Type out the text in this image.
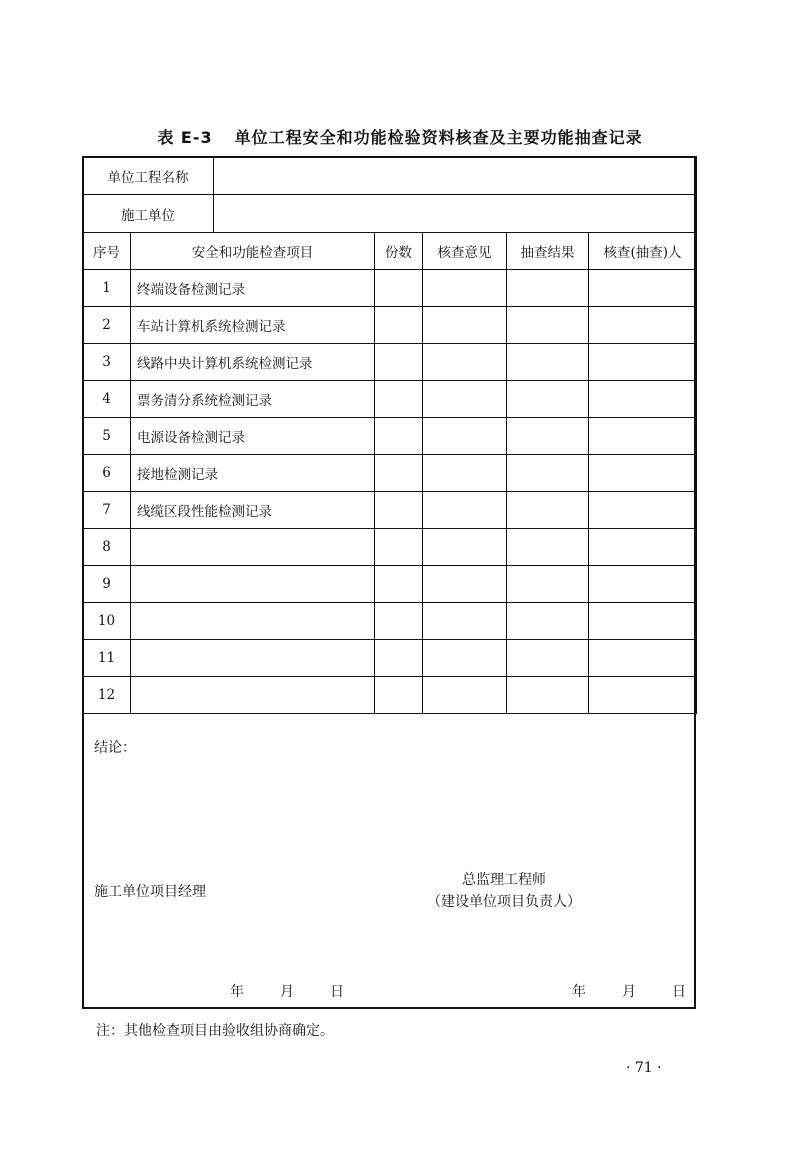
表 E-3 单位工程安全和功能检验资料核查及主要功能抽查记录
单位工程名称					

施工单位					

序号	安全和功能检查项目	份数	核查意见	抽查结果	核查(抽查)人
1	终端设备检测记录				
2	车站计算机系统检测记录				
3	线路中央计算机系统检测记录				
4	票务清分系统检测记录				
5	电源设备检测记录				
6	接地检测记录				
7	线缆区段性能检测记录				
8					
9					
10					
11					
12					
结论：
施工单位项目经理
总监理工程师
（建设单位项目负责人）
年	月	日	年	月	日
注：其他检查项目由验收组协商确定。
· 71 ·
